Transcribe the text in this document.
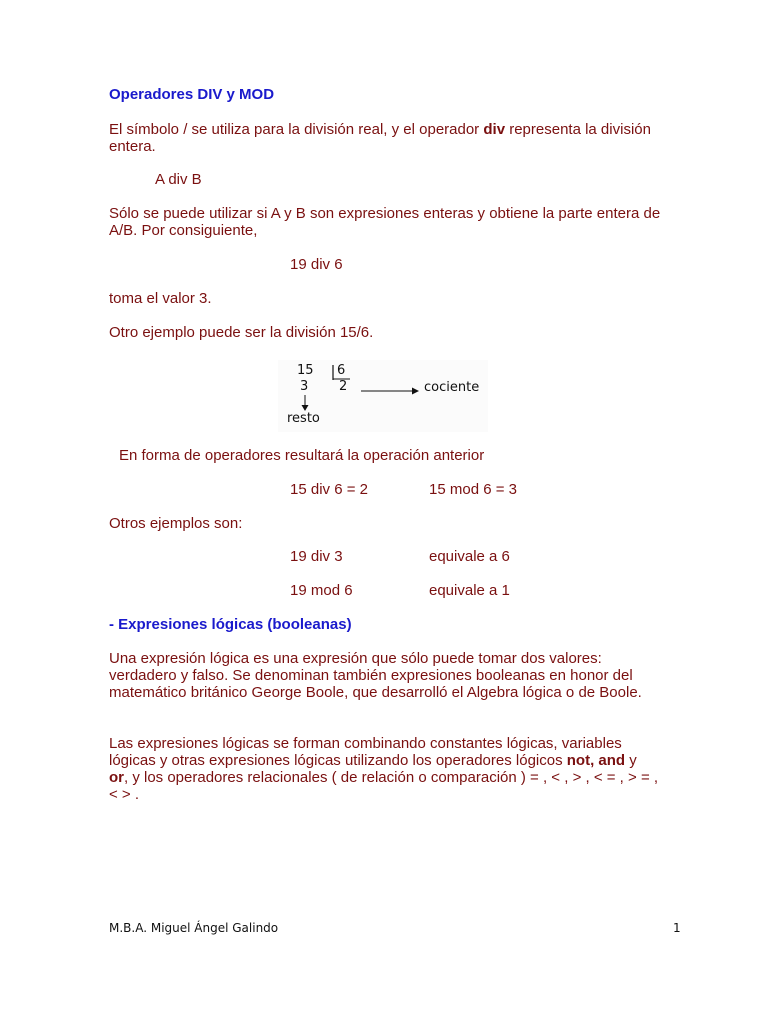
Operadores DIV y MOD

El símbolo / se utiliza para la división real, y el operador div representa la división entera.

A div B

Sólo se puede utilizar si A y B son expresiones enteras y obtiene la parte entera de A/B. Por consiguiente,

19 div 6

toma el valor 3.

Otro ejemplo puede ser la división 15/6.

15 6
3 2	cociente
resto
En forma de operadores resultará la operación anterior
15 div 6 = 2	15 mod 6 = 3

Otros ejemplos son:

19 div 3	equivale a 6
19 mod 6	equivale a 1
- Expresiones lógicas (booleanas)

Una expresión lógica es una expresión que sólo puede tomar dos valores: verdadero y falso. Se denominan también expresiones booleanas en honor del matemático británico George Boole, que desarrolló el Algebra lógica o de Boole.

Las expresiones lógicas se forman combinando constantes lógicas, variables lógicas y otras expresiones lógicas utilizando los operadores lógicos not, and y or, y los operadores relacionales ( de relación o comparación ) = , < , > , < = , > = , < > .

M.B.A. Miguel Ángel Galindo	1
